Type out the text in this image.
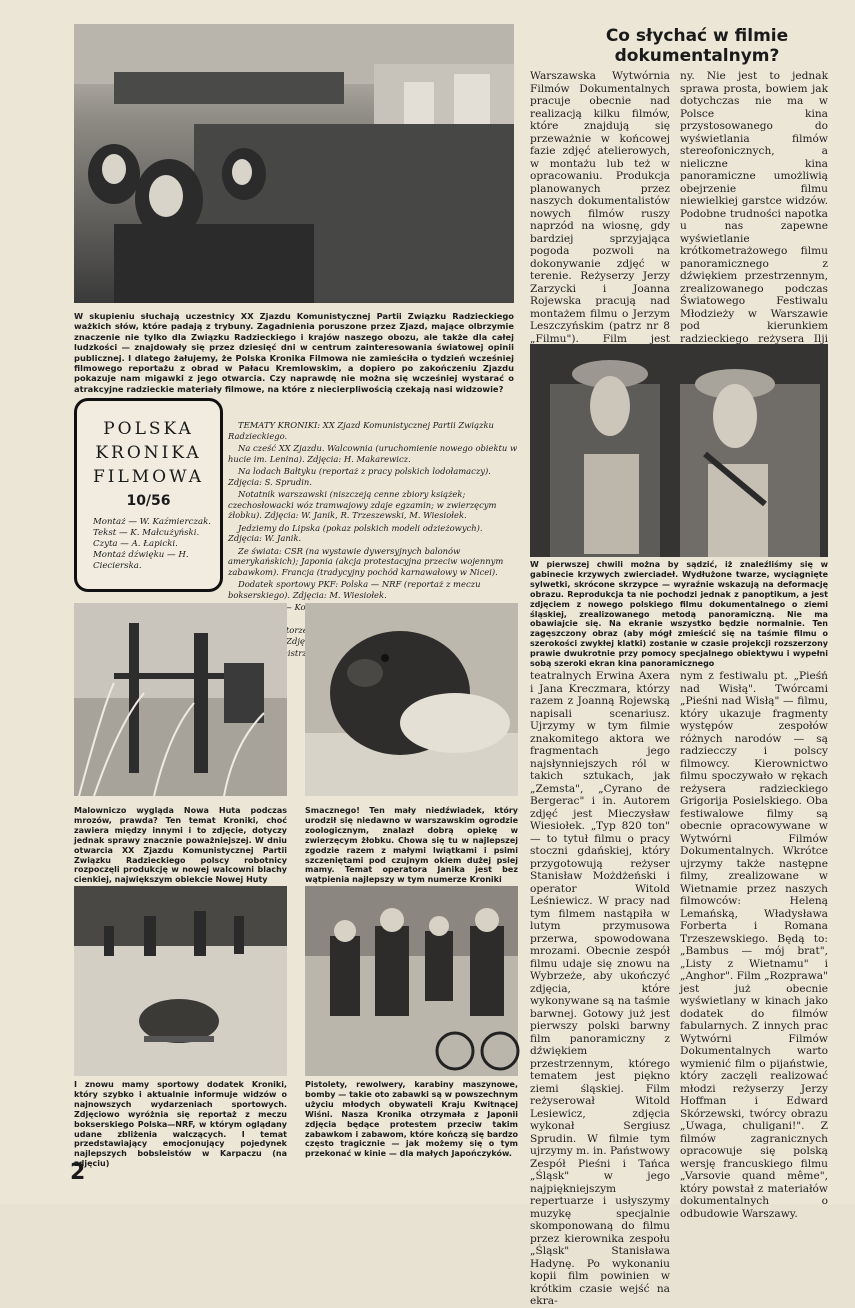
W skupieniu słuchają uczestnicy XX Zjazdu Komunistycznej Partii Związku Radzieckiego ważkich słów, które padają z trybuny. Zagadnienia poruszone przez Zjazd, mające olbrzymie znaczenie nie tylko dla Związku Radzieckiego i krajów naszego obozu, ale także dla całej ludzkości — znajdowały się przez dziesięć dni w centrum zainteresowania światowej opinii publicznej. I dlatego żałujemy, że Polska Kronika Filmowa nie zamieściła o tydzień wcześniej filmowego reportażu z obrad w Pałacu Kremlowskim, a dopiero po zakończeniu Zjazdu pokazuje nam migawki z jego otwarcia. Czy naprawdę nie można się wcześniej wystarać o atrakcyjne radzieckie materiały filmowe, na które z niecierpliwością czekają nasi widzowie?

Co słychać w filmie dokumentalnym?

Warszawska Wytwórnia Filmów Dokumentalnych pracuje obecnie nad realizacją kilku filmów, które znajdują się przeważnie w końcowej fazie zdjęć atelierowych, w montażu lub też w opracowaniu. Produkcja planowanych przez naszych dokumentalistów nowych filmów ruszy naprzód na wiosnę, gdy bardziej sprzyjająca pogoda pozwoli na dokonywanie zdjęć w terenie. Reżyserzy Jerzy Zarzycki i Joanna Rojewska pracują nad montażem filmu o Jerzym Leszczyńskim (patrz nr 8 „Filmu"). Film jest

ny. Nie jest to jednak sprawa prosta, bowiem jak dotychczas nie ma w Polsce kina przystosowanego do wyświetlania filmów stereofonicznych, a nieliczne kina panoramiczne umożliwią obejrzenie filmu niewielkiej garstce widzów. Podobne trudności napotka u nas zapewne wyświetlanie krótkometrażowego filmu panoramicznego z dźwiękiem przestrzennym, zrealizowanego podczas Światowego Festiwalu Młodzieży w Warszawie pod kierunkiem radzieckiego reżysera Ilji

W pierwszej chwili można by sądzić, iż znaleźliśmy się w gabinecie krzywych zwierciadeł. Wydłużone twarze, wyciągnięte sylwetki, skrócone skrzypce — wyraźnie wskazują na deformację obrazu. Reprodukcja ta nie pochodzi jednak z panoptikum, a jest zdjęciem z nowego polskiego filmu dokumentalnego o ziemi śląskiej, zrealizowanego metodą panoramiczną. Nie ma obawiajcie się. Na ekranie wszystko będzie normalnie. Ten zagęszczony obraz (aby mógł zmieścić się na taśmie filmu o szerokości zwykłej klatki) zostanie w czasie projekcji rozszerzony prawie dwukrotnie przy pomocy specjalnego obiektywu i wypełni sobą szeroki ekran kina panoramicznego

POLSKA
KRONIKA
FILMOWA

10/56

Montaż — W. Kaźmierczak. Tekst — K. Małcużyński. Czyta — A. Łapicki. Montaż dźwięku — H. Ciecierska.

TEMATY KRONIKI: XX Zjazd Komunistycznej Partii Związku Radzieckiego.

Na cześć XX Zjazdu. Walcownia (uruchomienie nowego obiektu w hucie im. Lenina). Zdjęcia: H. Makarewicz.

Na lodach Bałtyku (reportaż z pracy polskich lodołamaczy). Zdjęcia: S. Sprudin.

Notatnik warszawski (niszczeją cenne zbiory książek; czechosłowacki wóz tramwajowy zdaje egzamin; w zwierzęcym żłobku). Zdjęcia: W. Janik, R. Trzeszewski, M. Wiesiołek.

Jedziemy do Lipska (pokaz polskich modeli odzieżowych). Zdjęcia: W. Janik.

Ze świata: CSR (na wystawie dywersyjnych balonów amerykańskich); Japonia (akcja protestacyjna przeciw wojennym zabawkom). Francja (tradycyjny pochód karnawałowy w Nicei).

Dodatek sportowy PKF: Polska — NRF (reportaż z meczu bokserskiego). Zdjęcia: M. Wiesiołek.

—

torze Zdjęcia:

Malowniczo wygląda Nowa Huta podczas mrozów, prawda? Ten temat Kroniki, choć zawiera między innymi i to zdjęcie, dotyczy jednak sprawy znacznie poważniejszej. W dniu otwarcia XX Zjazdu Komunistycznej Partii Związku Radzieckiego polscy robotnicy rozpoczęli produkcję w nowej walcowni blachy cienkiej, największym obiekcie Nowej Huty

Smacznego! Ten mały niedźwiadek, który urodził się niedawno w warszawskim ogrodzie zoologicznym, znalazł dobrą opiekę w zwierzęcym żłobku. Chowa się tu w najlepszej zgodzie razem z małymi lwiątkami i psimi szczeniętami pod czujnym okiem dużej psiej mamy. Temat operatora Janika jest bez wątpienia najlepszy w tym numerze Kroniki

I znowu mamy sportowy dodatek Kroniki, który szybko i aktualnie informuje widzów o najnowszych wydarzeniach sportowych. Zdjęciowo wyróżnia się reportaż z meczu bokserskiego Polska—NRF, w którym oglądany udane zbliżenia walczących. I temat przedstawiający emocjonujący pojedynek najlepszych bobsleistów w Karpaczu (na zdjęciu)

Pistolety, rewolwery, karabiny maszynowe, bomby — takie oto zabawki są w powszechnym użyciu młodych obywateli Kraju Kwitnącej Wiśni. Nasza Kronika otrzymała z Japonii zdjęcia będące protestem przeciw takim zabawkom i zabawom, które kończą się bardzo często tragicznie — jak możemy się o tym przekonać w kinie — dla małych Japończyków.

teatralnych Erwina Axera i Jana Kreczmara, którzy razem z Joanną Rojewską napisali scenariusz. Ujrzymy w tym filmie znakomitego aktora we fragmentach jego najsłynniejszych ról w takich sztukach, jak „Zemsta", „Cyrano de Bergerac" i in. Autorem zdjęć jest Mieczysław Wiesiołek. „Typ 820 ton" — to tytuł filmu o pracy stoczni gdańskiej, który przygotowują reżyser Stanisław Możdżeński i operator Witold Leśniewicz. W pracy nad tym filmem nastąpiła w lutym przymusowa przerwa, spowodowana mrozami. Obecnie zespół filmu udaje się znowu na Wybrzeże, aby ukończyć zdjęcia, które wykonywane są na taśmie barwnej. Gotowy już jest pierwszy polski barwny film panoramiczny z dźwiękiem przestrzennym, którego tematem jest piękno ziemi śląskiej. Film reżyserował Witold Lesiewicz, zdjęcia wykonał Sergiusz Sprudin. W filmie tym ujrzymy m. in. Państwowy Zespół Pieśni i Tańca „Śląsk" w jego najpiękniejszym repertuarze i usłyszymy muzykę specjalnie skomponowaną do filmu przez kierownika zespołu „Śląsk" Stanisława Hadynę. Po wykonaniu kopii film powinien w krótkim czasie wejść na ekra-

nym z festiwalu pt. „Pieśń nad Wisłą". Twórcami „Pieśni nad Wisłą" — filmu, który ukazuje fragmenty występów zespołów różnych narodów — są radziecczy i polscy filmowcy. Kierownictwo filmu spoczywało w rękach reżysera radzieckiego Grigorija Posielskiego. Oba festiwalowe filmy są obecnie opracowywane w Wytwórni Filmów Dokumentalnych. Wkrótce ujrzymy także następne filmy, zrealizowane w Wietnamie przez naszych filmowców: Heleną Lemańską, Władysława Forberta i Romana Trzeszewskiego. Będą to: „Bambus — mój brat", „Listy z Wietnamu" i „Anghor". Film „Rozprawa" jest już obecnie wyświetlany w kinach jako dodatek do filmów fabularnych. Z innych prac Wytwórni Filmów Dokumentalnych warto wymienić film o pijaństwie, który zaczęli realizować młodzi reżyserzy Jerzy Hoffman i Edward Skórzewski, twórcy obrazu „Uwaga, chuligani!". Z filmów zagranicznych opracowuje się polską wersję francuskiego filmu „Varsovie quand même", który powstał z materiałów dokumentalnych o odbudowie Warszawy.

2
